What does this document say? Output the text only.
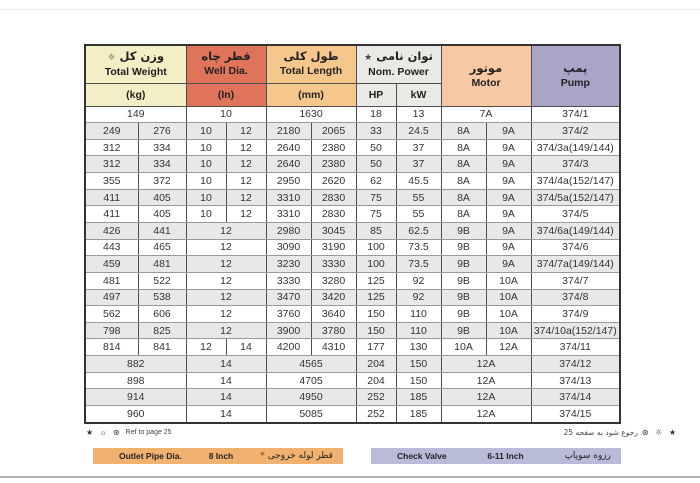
وزن کل ☼
Total Weight

قطر چاه
Well Dia.

طول کلی
Total Length

توان نامی ★
Nom. Power	موتور
Motor

پمپ
Pump

(kg)		(In)		(mm)		HP	kW			

149		10		1630		18	13	7A		374/1
249	276	10	12	2180	2065	33	24.5	8A	9A	374/2
312	334	10	12	2640	2380	50	37	8A	9A	374/3a(149/144)
312	334	10	12	2640	2380	50	37	8A	9A	374/3
355	372	10	12	2950	2620	62	45.5	8A	9A	374/4a(152/147)
411	405	10	12	3310	2830	75	55	8A	9A	374/5a(152/147)
411	405	10	12	3310	2830	75	55	8A	9A	374/5
426	441	12		2980	3045	85	62.5	9B	9A	374/6a(149/144)
443	465	12		3090	3190	100	73.5	9B	9A	374/6
459	481	12		3230	3330	100	73.5	9B	9A	374/7a(149/144)
481	522	12		3330	3280	125	92	9B	10A	374/7
497	538	12		3470	3420	125	92	9B	10A	374/8
562	606	12		3760	3640	150	110	9B	10A	374/9
798	825	12		3900	3780	150	110	9B	10A	374/10a(152/147)
814	841	12	14	4200	4310	177	130	10A	12A	374/11
882		14		4565		204	150	12A		374/12
898		14		4705		204	150	12A		374/13
914		14		4950		252	185	12A		374/14
960		14		5085		252	185	12A		374/15
★ ☼ ⊛ Ref to page 25	★ ☼ ⊛
رجوع شود به صفحه 25
Outlet Pipe Dia.	8 Inch	قطر لوله خروجی *	Check Valve	6-11 Inch	رزوه سوپاپ
